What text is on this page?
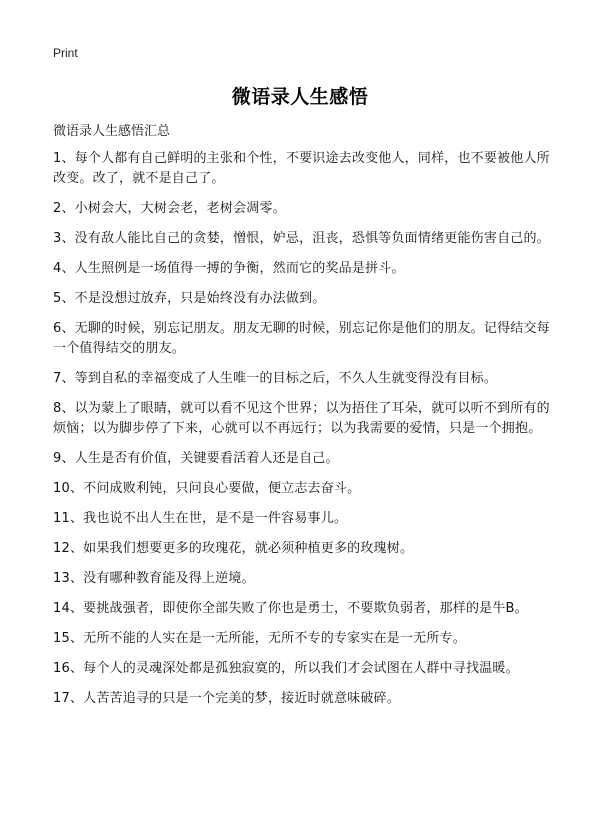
Print
微语录人生感悟
微语录人生感悟汇总

1、每个人都有自己鲜明的主张和个性，不要识途去改变他人，同样，也不要被他人所改变。改了，就不是自己了。

2、小树会大，大树会老，老树会凋零。

3、没有敌人能比自己的贪婪，憎恨，妒忌，沮丧，恐惧等负面情绪更能伤害自己的。

4、人生照例是一场值得一搏的争衡，然而它的奖品是拼斗。

5、不是没想过放弃，只是始终没有办法做到。

6、无聊的时候，别忘记朋友。朋友无聊的时候，别忘记你是他们的朋友。记得结交每一个值得结交的朋友。

7、等到自私的幸福变成了人生唯一的目标之后，不久人生就变得没有目标。

8、以为蒙上了眼睛，就可以看不见这个世界；以为捂住了耳朵，就可以听不到所有的烦恼；以为脚步停了下来，心就可以不再远行；以为我需要的爱情，只是一个拥抱。

9、人生是否有价值，关键要看活着人还是自己。

10、不问成败利钝，只问良心要做，便立志去奋斗。

11、我也说不出人生在世，是不是一件容易事儿。

12、如果我们想要更多的玫瑰花，就必须种植更多的玫瑰树。

13、没有哪种教育能及得上逆境。

14、要挑战强者，即使你全部失败了你也是勇士，不要欺负弱者，那样的是牛B。

15、无所不能的人实在是一无所能，无所不专的专家实在是一无所专。

16、每个人的灵魂深处都是孤独寂寞的，所以我们才会试图在人群中寻找温暖。

17、人苦苦追寻的只是一个完美的梦，接近时就意味破碎。
